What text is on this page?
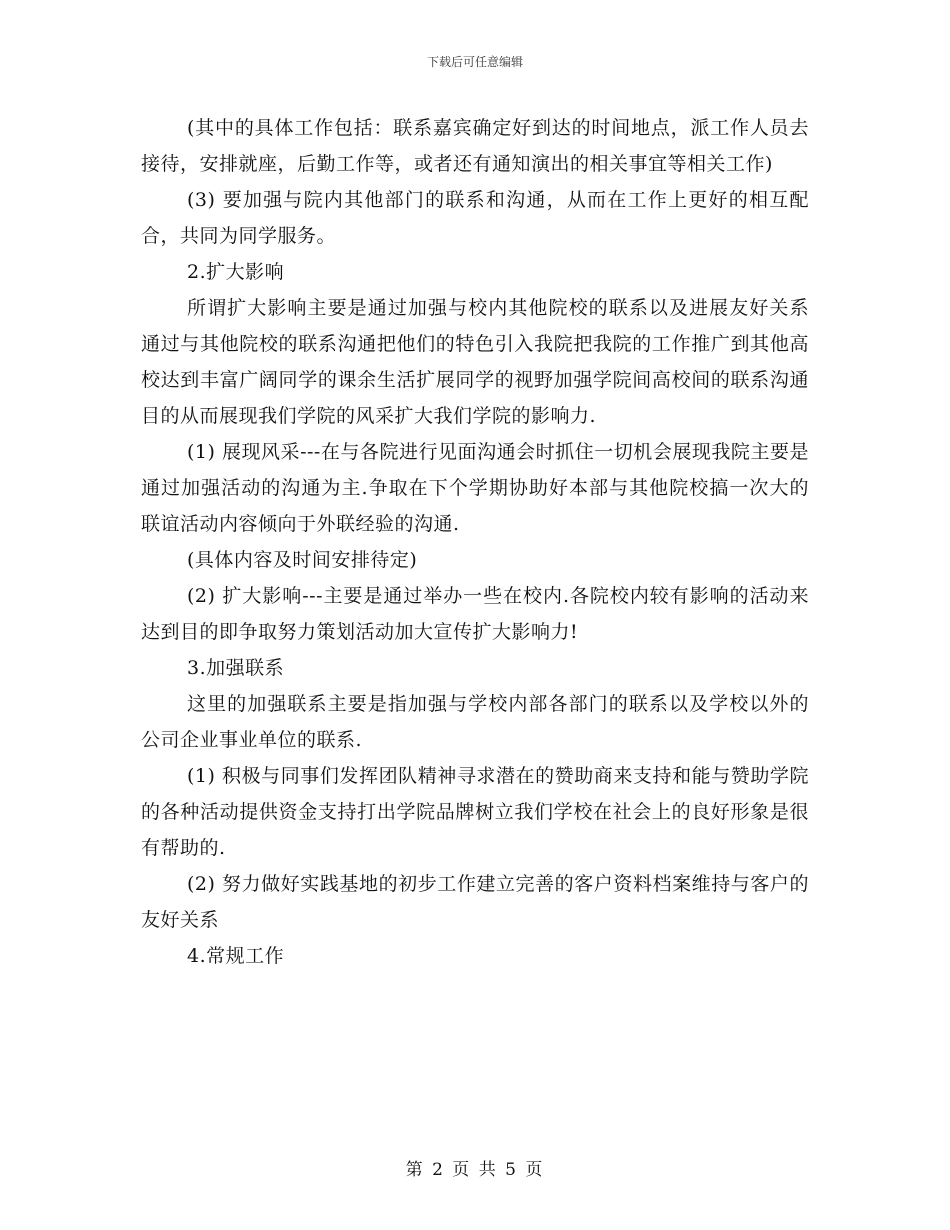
下载后可任意编辑

(其中的具体工作包括：联系嘉宾确定好到达的时间地点，派工作人员去接待，安排就座，后勤工作等，或者还有通知演出的相关事宜等相关工作)

(3) 要加强与院内其他部门的联系和沟通，从而在工作上更好的相互配合，共同为同学服务。

2.扩大影响

所谓扩大影响主要是通过加强与校内其他院校的联系以及进展友好关系通过与其他院校的联系沟通把他们的特色引入我院把我院的工作推广到其他高校达到丰富广阔同学的课余生活扩展同学的视野加强学院间高校间的联系沟通目的从而展现我们学院的风采扩大我们学院的影响力.

(1) 展现风采---在与各院进行见面沟通会时抓住一切机会展现我院主要是通过加强活动的沟通为主.争取在下个学期协助好本部与其他院校搞一次大的联谊活动内容倾向于外联经验的沟通.

(具体内容及时间安排待定)

(2) 扩大影响---主要是通过举办一些在校内.各院校内较有影响的活动来达到目的即争取努力策划活动加大宣传扩大影响力!

3.加强联系

这里的加强联系主要是指加强与学校内部各部门的联系以及学校以外的公司企业事业单位的联系.

(1) 积极与同事们发挥团队精神寻求潜在的赞助商来支持和能与赞助学院的各种活动提供资金支持打出学院品牌树立我们学校在社会上的良好形象是很有帮助的.

(2) 努力做好实践基地的初步工作建立完善的客户资料档案维持与客户的友好关系

4.常规工作

第 2 页 共 5 页
